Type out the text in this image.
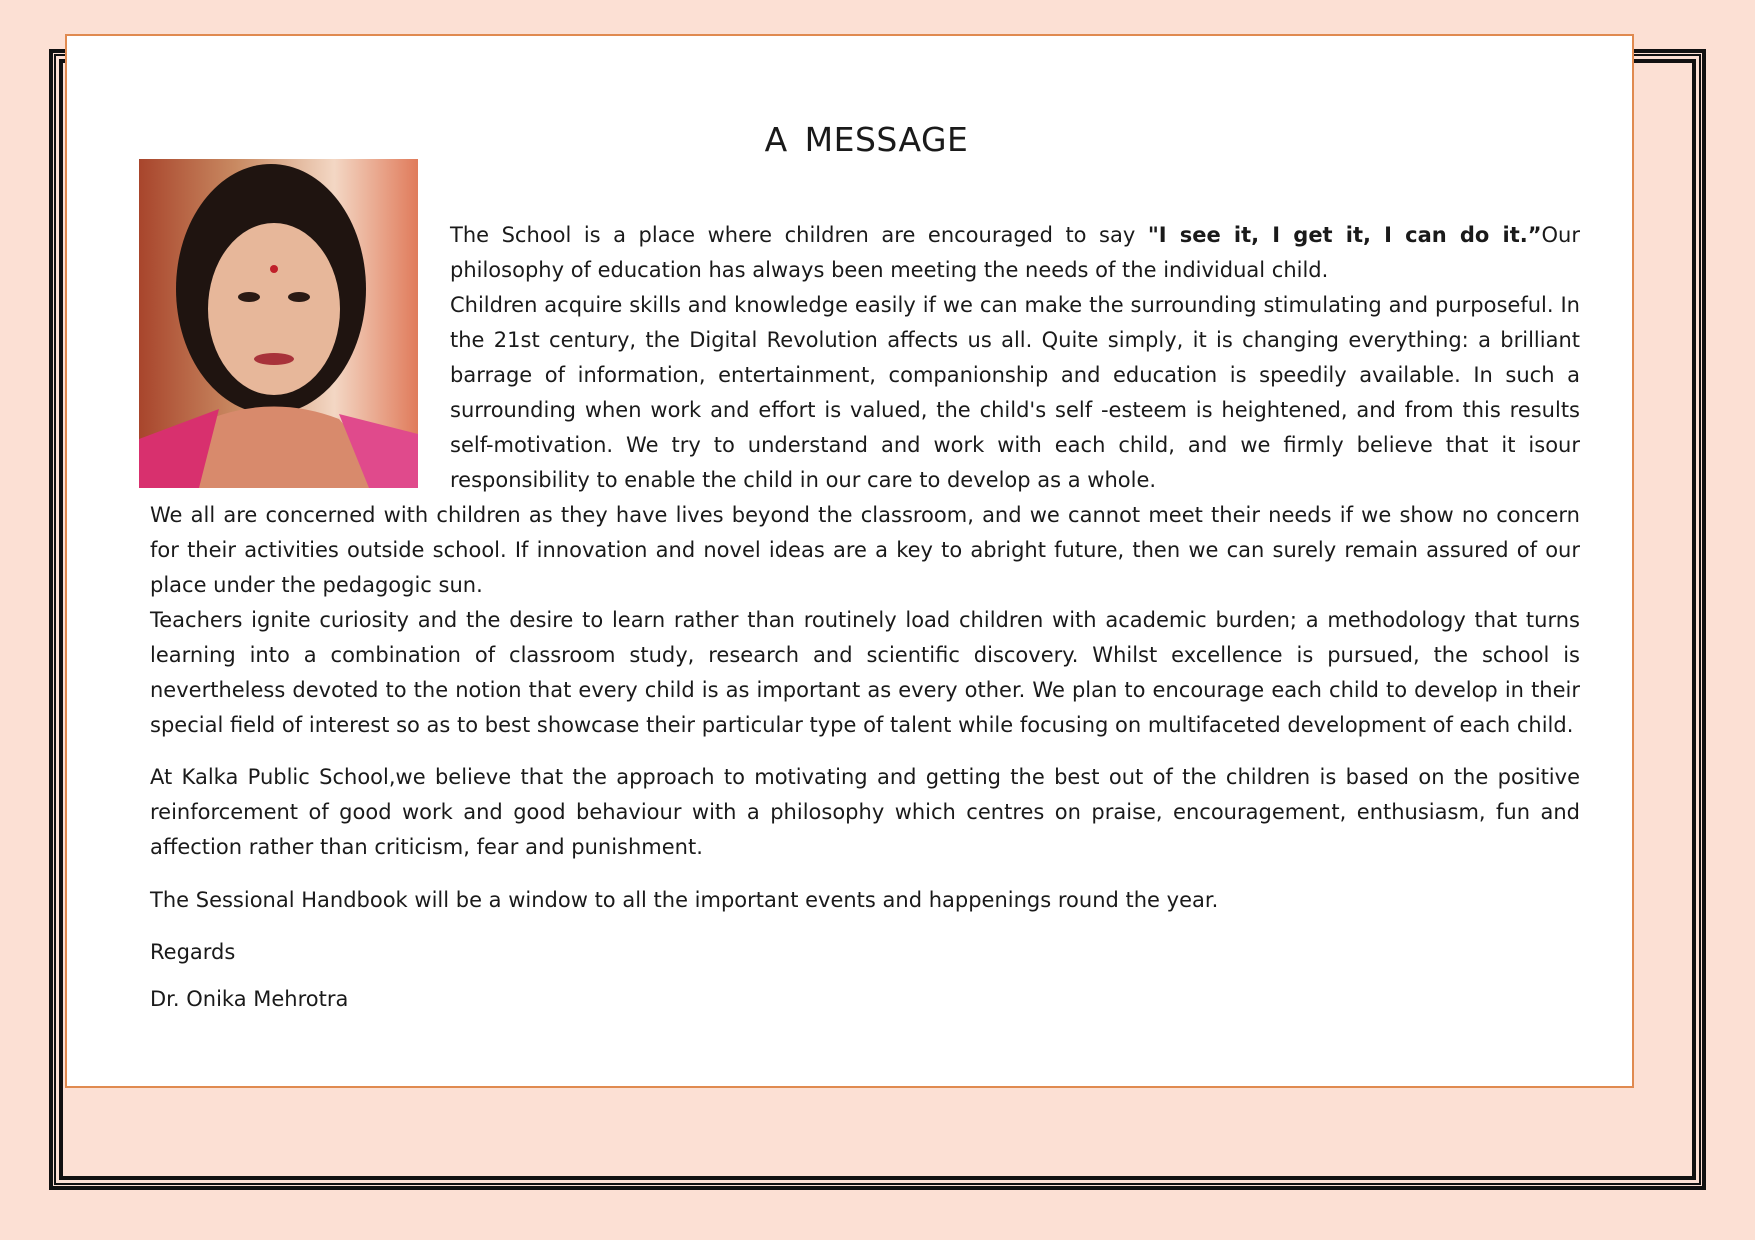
A MESSAGE

The School is a place where children are encouraged to say "I see it, I get it, I can do it.”Our philosophy of education has always been meeting the needs of the individual child.
Children acquire skills and knowledge easily if we can make the surrounding stimulating and purposeful. In the 21st century, the Digital Revolution affects us all. Quite simply, it is changing everything: a brilliant barrage of information, entertainment, companionship and education is speedily available. In such a surrounding when work and effort is valued, the child's self -esteem is heightened, and from this results self-motivation. We try to understand and work with each child, and we firmly believe that it isour responsibility to enable the child in our care to develop as a whole.

We all are concerned with children as they have lives beyond the classroom, and we cannot meet their needs if we show no concern for their activities outside school. If innovation and novel ideas are a key to abright future, then we can surely remain assured of our place under the pedagogic sun.
Teachers ignite curiosity and the desire to learn rather than routinely load children with academic burden; a methodology that turns learning into a combination of classroom study, research and scientific discovery. Whilst excellence is pursued, the school is nevertheless devoted to the notion that every child is as important as every other. We plan to encourage each child to develop in their special field of interest so as to best showcase their particular type of talent while focusing on multifaceted development of each child.

At Kalka Public School,we believe that the approach to motivating and getting the best out of the children is based on the positive reinforcement of good work and good behaviour with a philosophy which centres on praise, encouragement, enthusiasm, fun and affection rather than criticism, fear and punishment.

The Sessional Handbook will be a window to all the important events and happenings round the year.

Regards

Dr. Onika Mehrotra
